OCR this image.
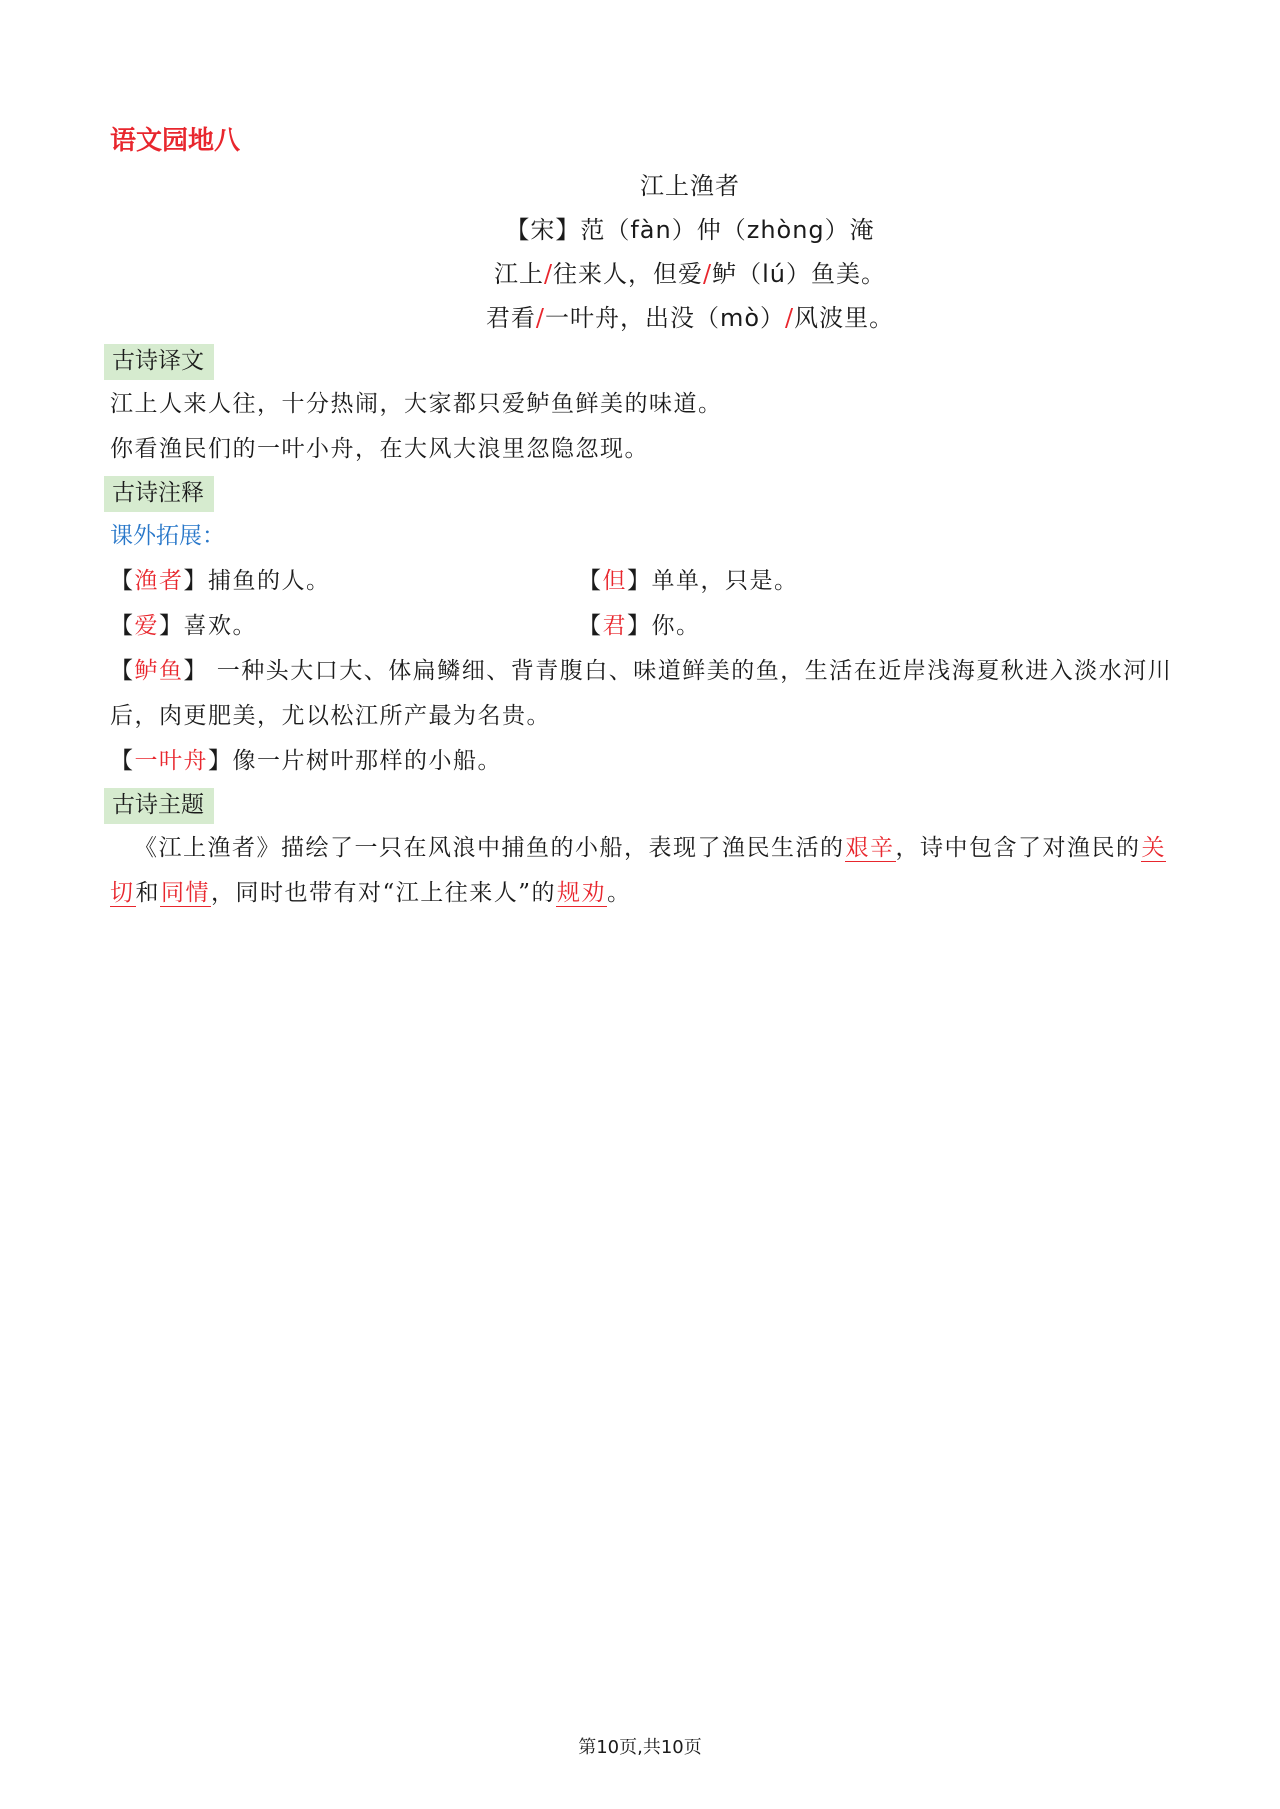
语文园地八
江上渔者
【宋】范（fàn）仲（zhòng）淹
江上/往来人，但爱/鲈（lú）鱼美。
君看/一叶舟，出没（mò）/风波里。
古诗译文
江上人来人往，十分热闹，大家都只爱鲈鱼鲜美的味道。
你看渔民们的一叶小舟，在大风大浪里忽隐忽现。
古诗注释
课外拓展：
【渔者】捕鱼的人。	【但】单单，只是。
【爱】喜欢。	【君】你。
【鲈鱼】 一种头大口大、体扁鳞细、背青腹白、味道鲜美的鱼，生活在近岸浅海夏秋进入淡水河川后，肉更肥美，尤以松江所产最为名贵。
【一叶舟】像一片树叶那样的小船。
古诗主题
《江上渔者》描绘了一只在风浪中捕鱼的小船，表现了渔民生活的艰辛，诗中包含了对渔民的关切和同情，同时也带有对“江上往来人”的规劝。
第10页,共10页
